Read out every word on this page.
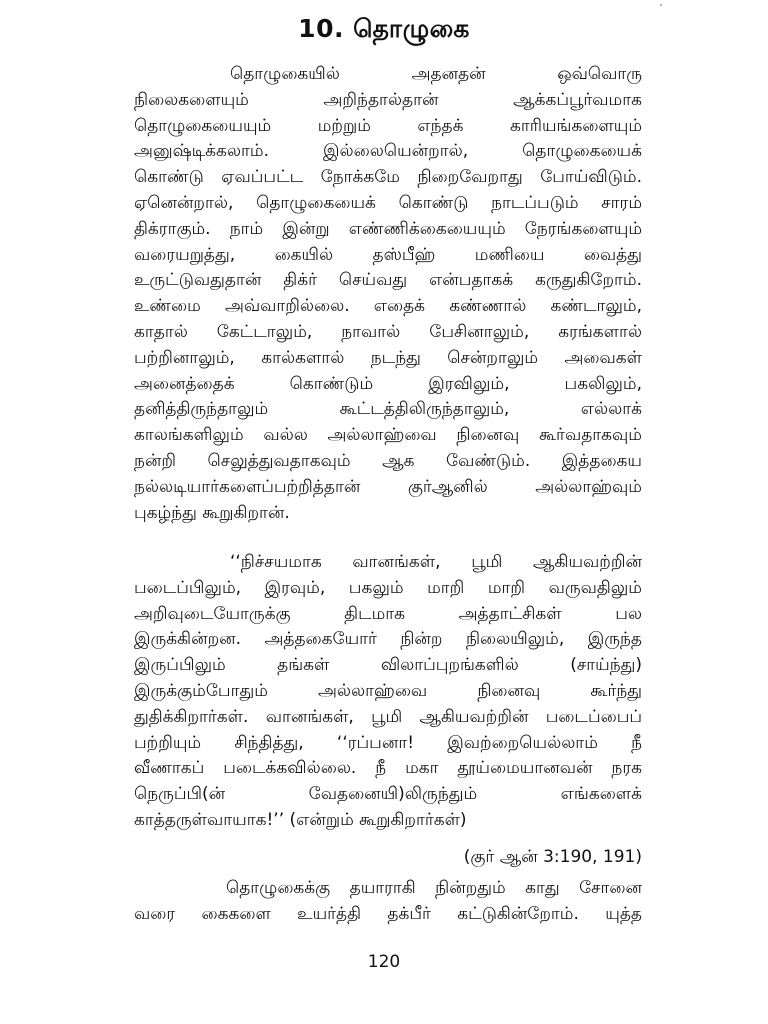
10. தொழுகை
தொழுகையில் அதனதன் ஒவ்வொரு
நிலைகளையும் அறிந்தால்தான் ஆக்கப்பூர்வமாக
தொழுகையையும் மற்றும் எந்தக் காரியங்களையும்
அனுஷ்டிக்கலாம். இல்லையென்றால், தொழுகையைக்
கொண்டு ஏவப்பட்ட நோக்கமே நிறைவேறாது போய்விடும்.
ஏனென்றால், தொழுகையைக் கொண்டு நாடப்படும் சாரம்
திக்ராகும். நாம் இன்று எண்ணிக்கையையும் நேரங்களையும்
வரையறுத்து, கையில் தஸ்பீஹ் மணியை வைத்து
உருட்டுவதுதான் திக்ர் செய்வது என்பதாகக் கருதுகிறோம்.
உண்மை அவ்வாறில்லை. எதைக் கண்ணால் கண்டாலும்,
காதால் கேட்டாலும், நாவால் பேசினாலும், கரங்களால்
பற்றினாலும், கால்களால் நடந்து சென்றாலும் அவைகள்
அனைத்தைக் கொண்டும் இரவிலும், பகலிலும்,
தனித்திருந்தாலும் கூட்டத்திலிருந்தாலும், எல்லாக்
காலங்களிலும் வல்ல அல்லாஹ்வை நினைவு கூர்வதாகவும்
நன்றி செலுத்துவதாகவும் ஆக வேண்டும். இத்தகைய
நல்லடியார்களைப்பற்றித்தான் குர்ஆனில் அல்லாஹ்வும்
புகழ்ந்து கூறுகிறான்.
‘‘நிச்சயமாக வானங்கள், பூமி ஆகியவற்றின்
படைப்பிலும், இரவும், பகலும் மாறி மாறி வருவதிலும்
அறிவுடையோருக்கு திடமாக அத்தாட்சிகள் பல
இருக்கின்றன. அத்தகையோர் நின்ற நிலையிலும், இருந்த
இருப்பிலும் தங்கள் விலாப்புறங்களில் (சாய்ந்து)
இருக்கும்போதும் அல்லாஹ்வை நினைவு கூர்ந்து
துதிக்கிறார்கள். வானங்கள், பூமி ஆகியவற்றின் படைப்பைப்
பற்றியும் சிந்தித்து, ‘‘ரப்பனா! இவற்றையெல்லாம் நீ
வீணாகப் படைக்கவில்லை. நீ மகா தூய்மையானவன் நரக
நெருப்பி(ன் வேதனையி)லிருந்தும் எங்களைக்
காத்தருள்வாயாக!’’ (என்றும் கூறுகிறார்கள்)
(குர் ஆன் 3:190, 191)
தொழுகைக்கு தயாராகி நின்றதும் காது சோனை
வரை கைகளை உயர்த்தி தக்பீர் கட்டுகின்றோம். யுத்த
120
